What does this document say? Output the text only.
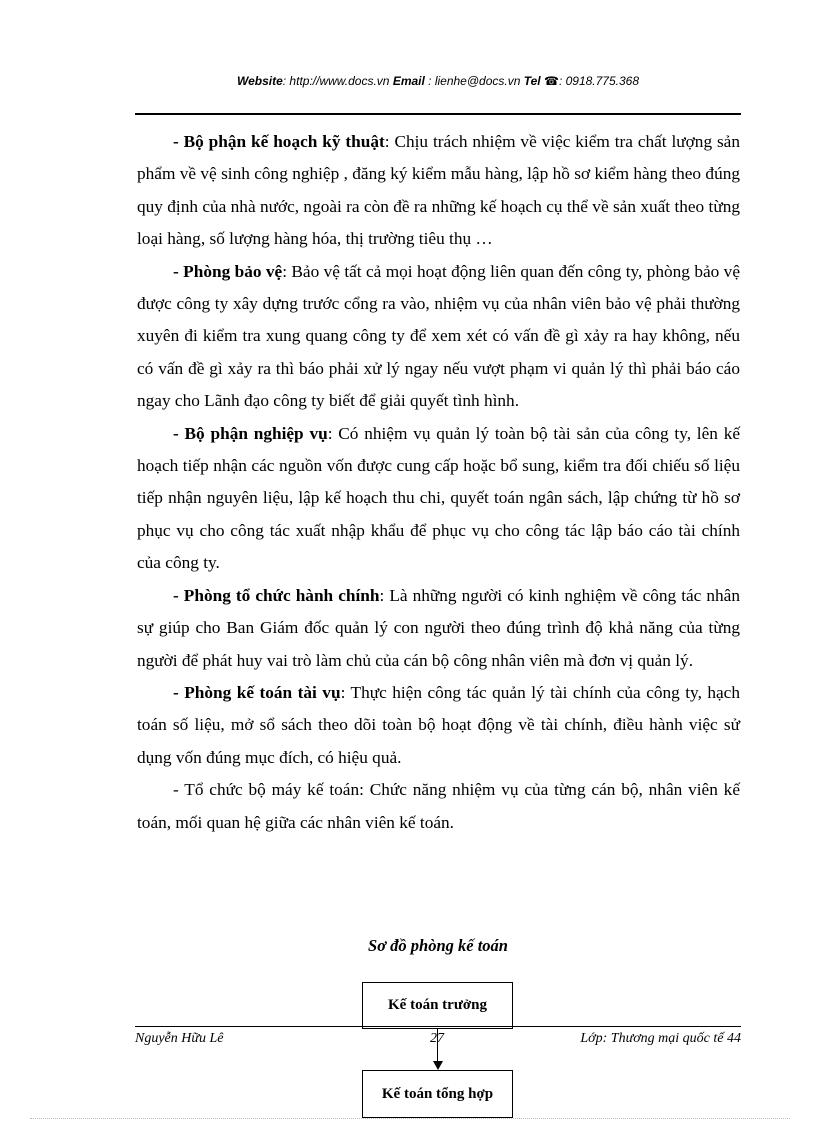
Website: http://www.docs.vn Email : lienhe@docs.vn Tel ☎: 0918.775.368

- Bộ phận kế hoạch kỹ thuật: Chịu trách nhiệm về việc kiểm tra chất lượng sản phẩm về vệ sinh công nghiệp , đăng ký kiểm mẫu hàng, lập hồ sơ kiểm hàng theo đúng quy định của nhà nước, ngoài ra còn đề ra những kế hoạch cụ thể về sản xuất theo từng loại hàng, số lượng hàng hóa, thị trường tiêu thụ …

- Phòng bảo vệ: Bảo vệ tất cả mọi hoạt động liên quan đến công ty, phòng bảo vệ được công ty xây dựng trước cổng ra vào, nhiệm vụ của nhân viên bảo vệ phải thường xuyên đi kiểm tra xung quang công ty để xem xét có vấn đề gì xảy ra hay không, nếu có vấn đề gì xảy ra thì báo phải xử lý ngay nếu vượt phạm vi quản lý thì phải báo cáo ngay cho Lãnh đạo công ty biết để giải quyết tình hình.

- Bộ phận nghiệp vụ: Có nhiệm vụ quản lý toàn bộ tài sản của công ty, lên kế hoạch tiếp nhận các nguồn vốn được cung cấp hoặc bổ sung, kiểm tra đối chiếu số liệu tiếp nhận nguyên liệu, lập kế hoạch thu chi, quyết toán ngân sách, lập chứng từ hồ sơ phục vụ cho công tác xuất nhập khẩu để phục vụ cho công tác lập báo cáo tài chính của công ty.

- Phòng tổ chức hành chính: Là những người có kinh nghiệm về công tác nhân sự giúp cho Ban Giám đốc quản lý con người theo đúng trình độ khả năng của từng người để phát huy vai trò làm chủ của cán bộ công nhân viên mà đơn vị quản lý.

- Phòng kế toán tài vụ: Thực hiện công tác quản lý tài chính của công ty, hạch toán số liệu, mở sổ sách theo dõi toàn bộ hoạt động về tài chính, điều hành việc sử dụng vốn đúng mục đích, có hiệu quả.

- Tổ chức bộ máy kế toán: Chức năng nhiệm vụ của từng cán bộ, nhân viên kế toán, mối quan hệ giữa các nhân viên kế toán.

Sơ đồ phòng kế toán
Kế toán trưởng
Kế toán tổng hợp
Nguyễn Hữu Lê	27	Lớp: Thương mại quốc tế 44
